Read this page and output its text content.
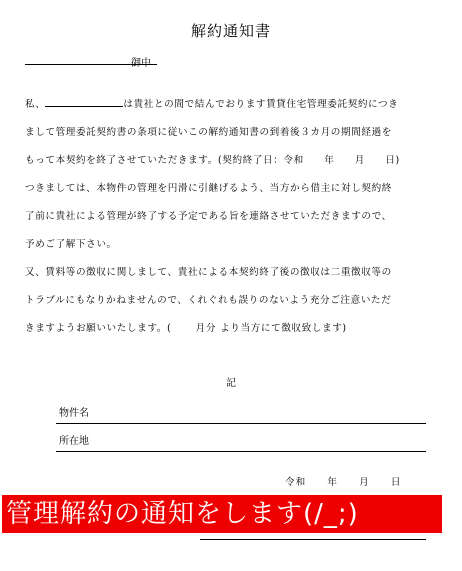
解約通知書
御中
私、	は貴社との間で結んでおります賃貸住宅管理委託契約につき
まして管理委託契約書の条項に従いこの解約通知書の到着後３カ月の期間経過を
もって本契約を終了させていただきます。(契約終了日：令和　　年　　月　　日)
つきましては、本物件の管理を円滑に引継げるよう、当方から借主に対し契約終
了前に貴社による管理が終了する予定である旨を連絡させていただきますので、
予めご了解下さい。
又、賃料等の徴収に関しまして、貴社による本契約終了後の徴収は二重徴収等の
トラブルにもなりかねませんので、くれぐれも誤りのないよう充分ご注意いただ
きますようお願いいたします。(　　月分 より当方にて徴収致します)
記
物件名
所在地
令和　　年　　月　　日
管理解約の通知をします(/_;)
